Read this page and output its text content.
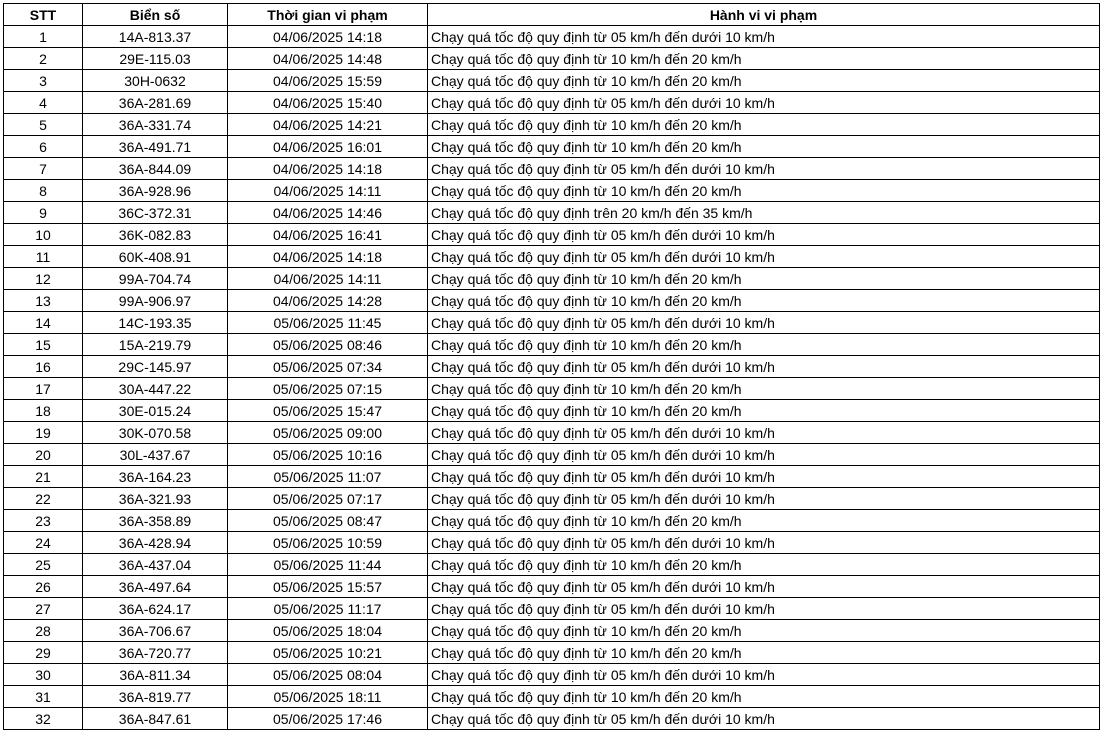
STT	Biển số	Thời gian vi phạm	Hành vi vi phạm
1	14A-813.37	04/06/2025 14:18	Chạy quá tốc độ quy định từ 05 km/h đến dưới 10 km/h
2	29E-115.03	04/06/2025 14:48	Chạy quá tốc độ quy định từ 10 km/h đến 20 km/h
3	30H-0632	04/06/2025 15:59	Chạy quá tốc độ quy định từ 10 km/h đến 20 km/h
4	36A-281.69	04/06/2025 15:40	Chạy quá tốc độ quy định từ 05 km/h đến dưới 10 km/h
5	36A-331.74	04/06/2025 14:21	Chạy quá tốc độ quy định từ 10 km/h đến 20 km/h
6	36A-491.71	04/06/2025 16:01	Chạy quá tốc độ quy định từ 10 km/h đến 20 km/h
7	36A-844.09	04/06/2025 14:18	Chạy quá tốc độ quy định từ 05 km/h đến dưới 10 km/h
8	36A-928.96	04/06/2025 14:11	Chạy quá tốc độ quy định từ 10 km/h đến 20 km/h
9	36C-372.31	04/06/2025 14:46	Chạy quá tốc độ quy định trên 20 km/h đến 35 km/h
10	36K-082.83	04/06/2025 16:41	Chạy quá tốc độ quy định từ 05 km/h đến dưới 10 km/h
11	60K-408.91	04/06/2025 14:18	Chạy quá tốc độ quy định từ 05 km/h đến dưới 10 km/h
12	99A-704.74	04/06/2025 14:11	Chạy quá tốc độ quy định từ 10 km/h đến 20 km/h
13	99A-906.97	04/06/2025 14:28	Chạy quá tốc độ quy định từ 10 km/h đến 20 km/h
14	14C-193.35	05/06/2025 11:45	Chạy quá tốc độ quy định từ 05 km/h đến dưới 10 km/h
15	15A-219.79	05/06/2025 08:46	Chạy quá tốc độ quy định từ 10 km/h đến 20 km/h
16	29C-145.97	05/06/2025 07:34	Chạy quá tốc độ quy định từ 05 km/h đến dưới 10 km/h
17	30A-447.22	05/06/2025 07:15	Chạy quá tốc độ quy định từ 10 km/h đến 20 km/h
18	30E-015.24	05/06/2025 15:47	Chạy quá tốc độ quy định từ 10 km/h đến 20 km/h
19	30K-070.58	05/06/2025 09:00	Chạy quá tốc độ quy định từ 05 km/h đến dưới 10 km/h
20	30L-437.67	05/06/2025 10:16	Chạy quá tốc độ quy định từ 05 km/h đến dưới 10 km/h
21	36A-164.23	05/06/2025 11:07	Chạy quá tốc độ quy định từ 05 km/h đến dưới 10 km/h
22	36A-321.93	05/06/2025 07:17	Chạy quá tốc độ quy định từ 05 km/h đến dưới 10 km/h
23	36A-358.89	05/06/2025 08:47	Chạy quá tốc độ quy định từ 10 km/h đến 20 km/h
24	36A-428.94	05/06/2025 10:59	Chạy quá tốc độ quy định từ 05 km/h đến dưới 10 km/h
25	36A-437.04	05/06/2025 11:44	Chạy quá tốc độ quy định từ 10 km/h đến 20 km/h
26	36A-497.64	05/06/2025 15:57	Chạy quá tốc độ quy định từ 05 km/h đến dưới 10 km/h
27	36A-624.17	05/06/2025 11:17	Chạy quá tốc độ quy định từ 05 km/h đến dưới 10 km/h
28	36A-706.67	05/06/2025 18:04	Chạy quá tốc độ quy định từ 10 km/h đến 20 km/h
29	36A-720.77	05/06/2025 10:21	Chạy quá tốc độ quy định từ 10 km/h đến 20 km/h
30	36A-811.34	05/06/2025 08:04	Chạy quá tốc độ quy định từ 05 km/h đến dưới 10 km/h
31	36A-819.77	05/06/2025 18:11	Chạy quá tốc độ quy định từ 10 km/h đến 20 km/h
32	36A-847.61	05/06/2025 17:46	Chạy quá tốc độ quy định từ 05 km/h đến dưới 10 km/h
